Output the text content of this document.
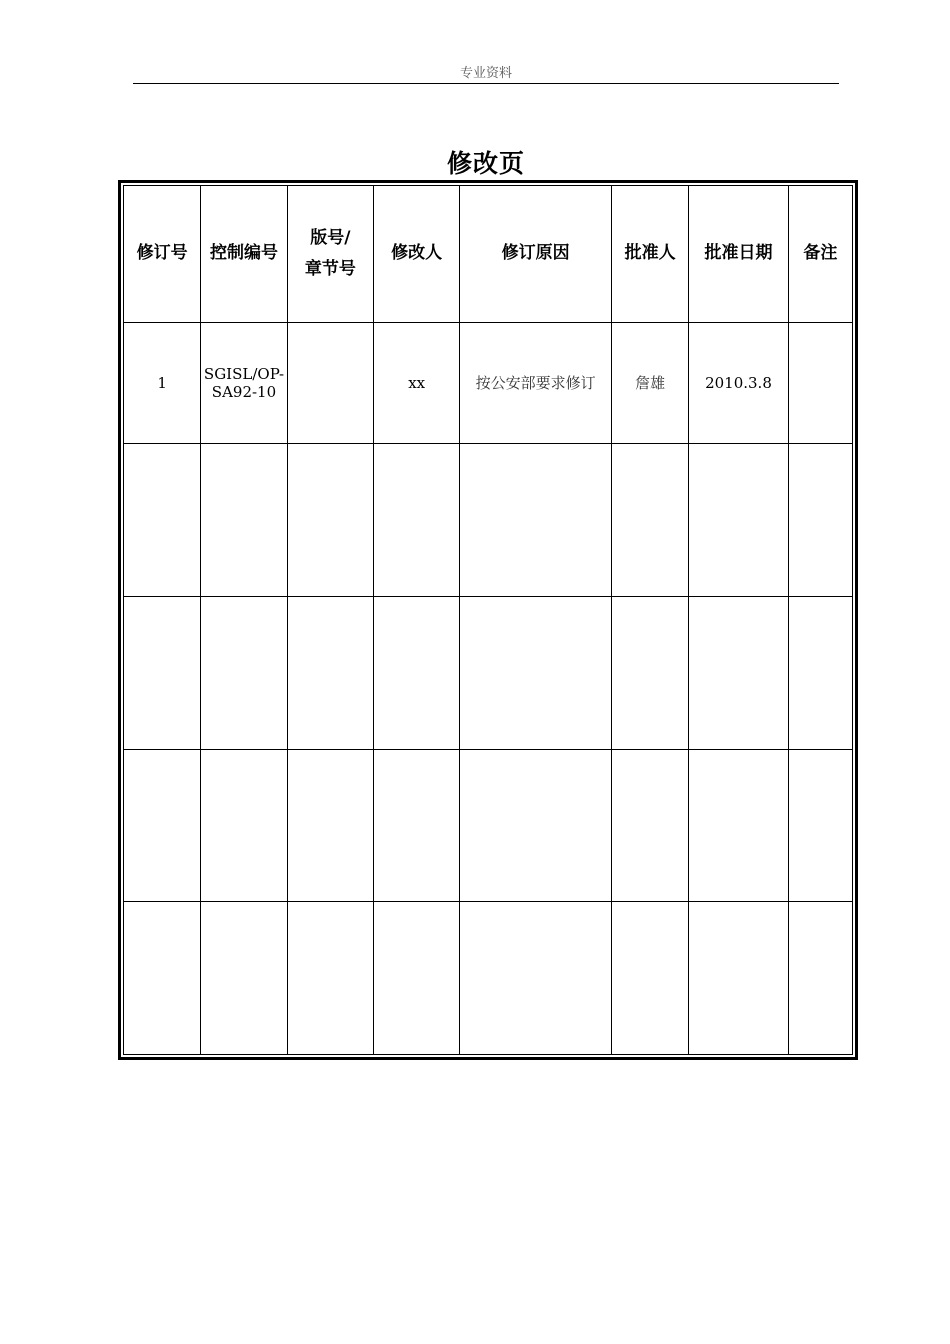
专业资料
修改页
修订号	控制编号	版号/
章节号	修改人	修订原因	批准人	批准日期	备注
1	SGISL/OP-
SA92-10		xx	按公安部要求修订	詹雄	2010.3.8	
